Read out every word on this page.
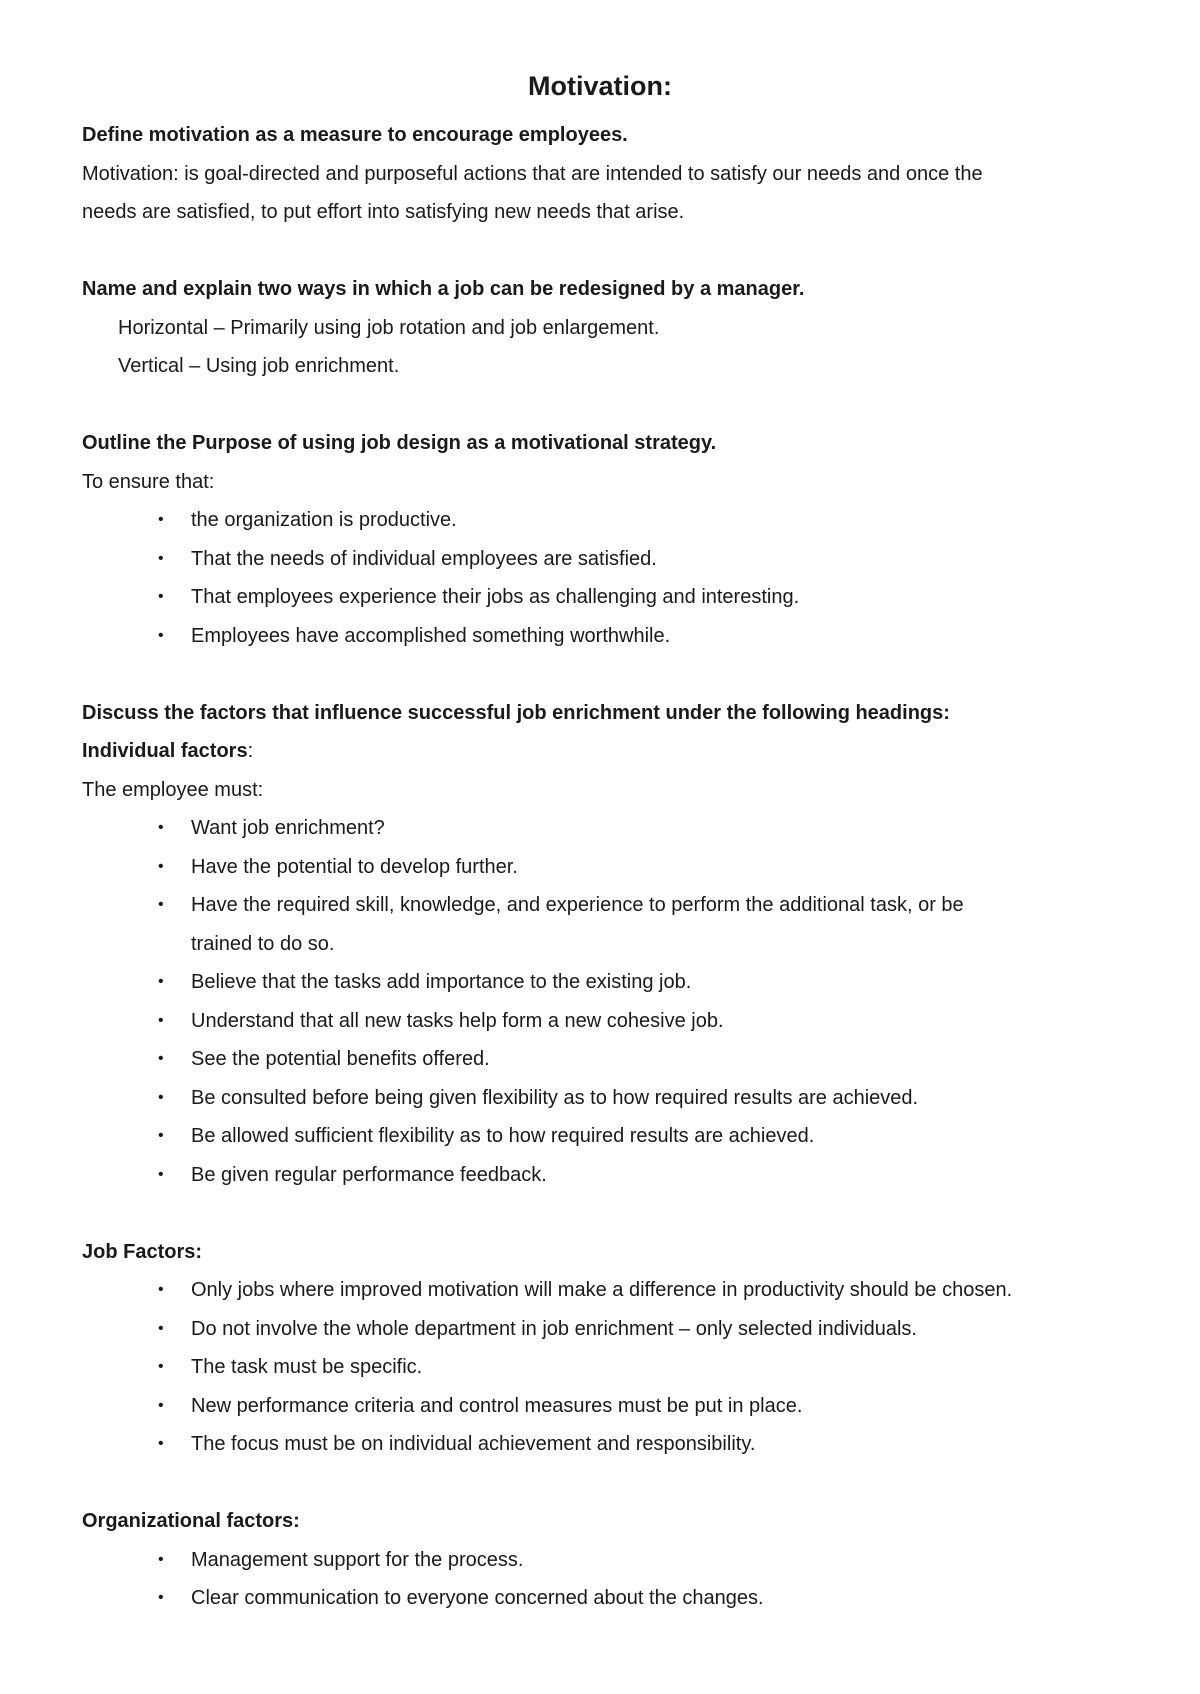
Motivation:

Define motivation as a measure to encourage employees.

Motivation: is goal-directed and purposeful actions that are intended to satisfy our needs and once the

needs are satisfied, to put effort into satisfying new needs that arise.

Name and explain two ways in which a job can be redesigned by a manager.

Horizontal – Primarily using job rotation and job enlargement.

Vertical – Using job enrichment.

Outline the Purpose of using job design as a motivational strategy.

To ensure that:

• the organization is productive.
• That the needs of individual employees are satisfied.
• That employees experience their jobs as challenging and interesting.
• Employees have accomplished something worthwhile.

Discuss the factors that influence successful job enrichment under the following headings:

Individual factors:

The employee must:

• Want job enrichment?
• Have the potential to develop further.
• Have the required skill, knowledge, and experience to perform the additional task, or be
trained to do so.
• Believe that the tasks add importance to the existing job.
• Understand that all new tasks help form a new cohesive job.
• See the potential benefits offered.
• Be consulted before being given flexibility as to how required results are achieved.
• Be allowed sufficient flexibility as to how required results are achieved.
• Be given regular performance feedback.

Job Factors:

• Only jobs where improved motivation will make a difference in productivity should be chosen.
• Do not involve the whole department in job enrichment – only selected individuals.
• The task must be specific.
• New performance criteria and control measures must be put in place.
• The focus must be on individual achievement and responsibility.

Organizational factors:

• Management support for the process.
• Clear communication to everyone concerned about the changes.
